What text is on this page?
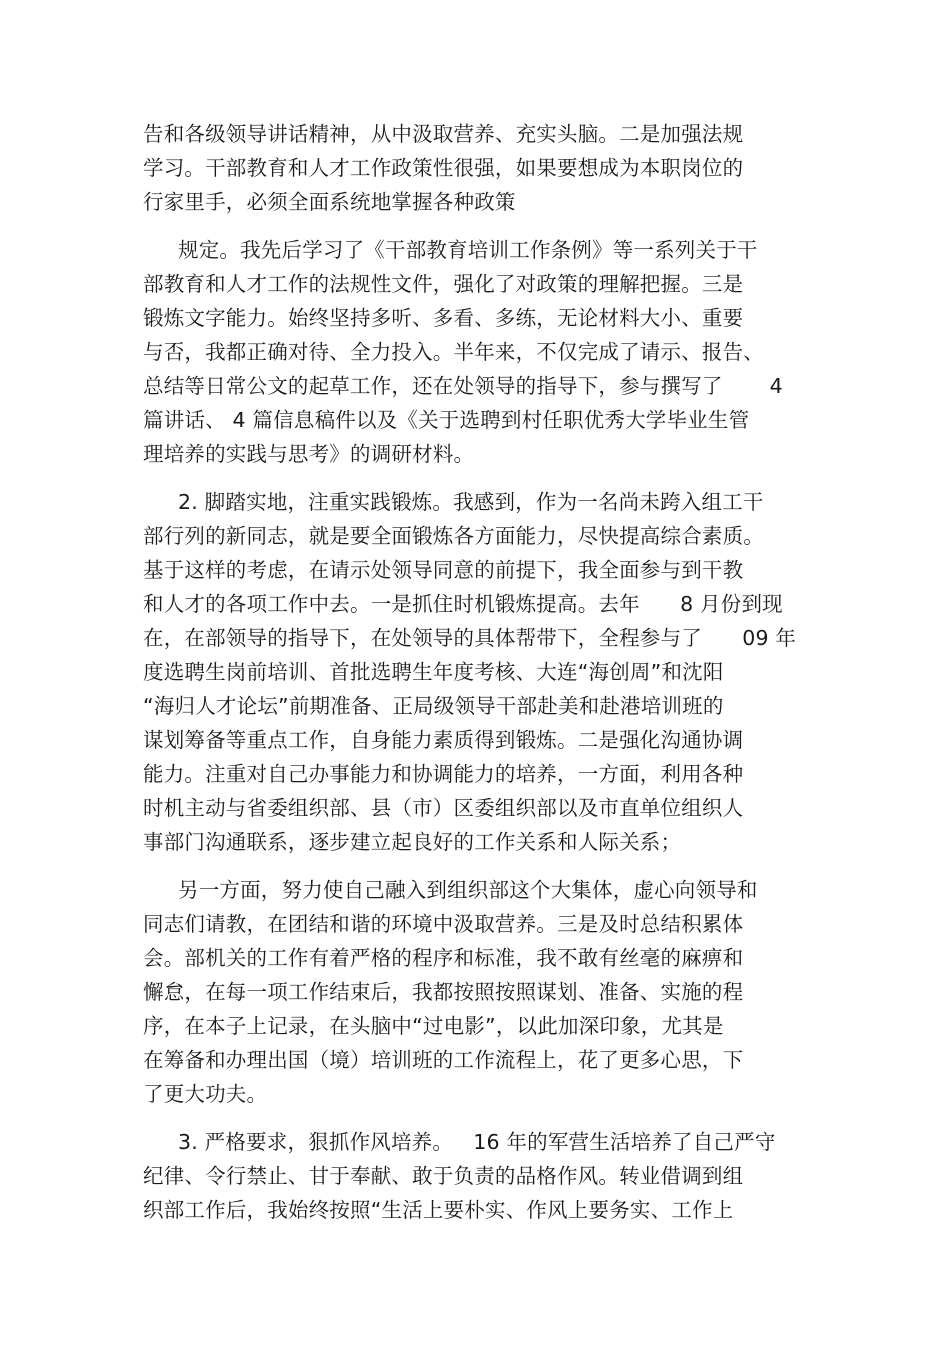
告和各级领导讲话精神，从中汲取营养、充实头脑。二是加强法规
学习。干部教育和人才工作政策性很强，如果要想成为本职岗位的
行家里手，必须全面系统地掌握各种政策
规定。我先后学习了《干部教育培训工作条例》等一系列关于干
部教育和人才工作的法规性文件，强化了对政策的理解把握。三是
锻炼文字能力。始终坚持多听、多看、多练，无论材料大小、重要
与否，我都正确对待、全力投入。半年来，不仅完成了请示、报告、
总结等日常公文的起草工作，还在处领导的指导下，参与撰写了       4
篇讲话、 4 篇信息稿件以及《关于选聘到村任职优秀大学毕业生管
理培养的实践与思考》的调研材料。
2. 脚踏实地，注重实践锻炼。我感到，作为一名尚未跨入组工干
部行列的新同志，就是要全面锻炼各方面能力，尽快提高综合素质。
基于这样的考虑，在请示处领导同意的前提下，我全面参与到干教
和人才的各项工作中去。一是抓住时机锻炼提高。去年      8 月份到现
在，在部领导的指导下，在处领导的具体帮带下，全程参与了      09 年
度选聘生岗前培训、首批选聘生年度考核、大连“海创周”和沈阳
“海归人才论坛”前期准备、正局级领导干部赴美和赴港培训班的
谋划筹备等重点工作，自身能力素质得到锻炼。二是强化沟通协调
能力。注重对自己办事能力和协调能力的培养，一方面，利用各种
时机主动与省委组织部、县（市）区委组织部以及市直单位组织人
事部门沟通联系，逐步建立起良好的工作关系和人际关系；
另一方面，努力使自己融入到组织部这个大集体，虚心向领导和
同志们请教，在团结和谐的环境中汲取营养。三是及时总结积累体
会。部机关的工作有着严格的程序和标准，我不敢有丝毫的麻痹和
懈怠，在每一项工作结束后，我都按照按照谋划、准备、实施的程
序，在本子上记录，在头脑中“过电影”，以此加深印象，尤其是
在筹备和办理出国（境）培训班的工作流程上，花了更多心思，下
了更大功夫。
3. 严格要求，狠抓作风培养。   16 年的军营生活培养了自己严守
纪律、令行禁止、甘于奉献、敢于负责的品格作风。转业借调到组
织部工作后，我始终按照“生活上要朴实、作风上要务实、工作上
